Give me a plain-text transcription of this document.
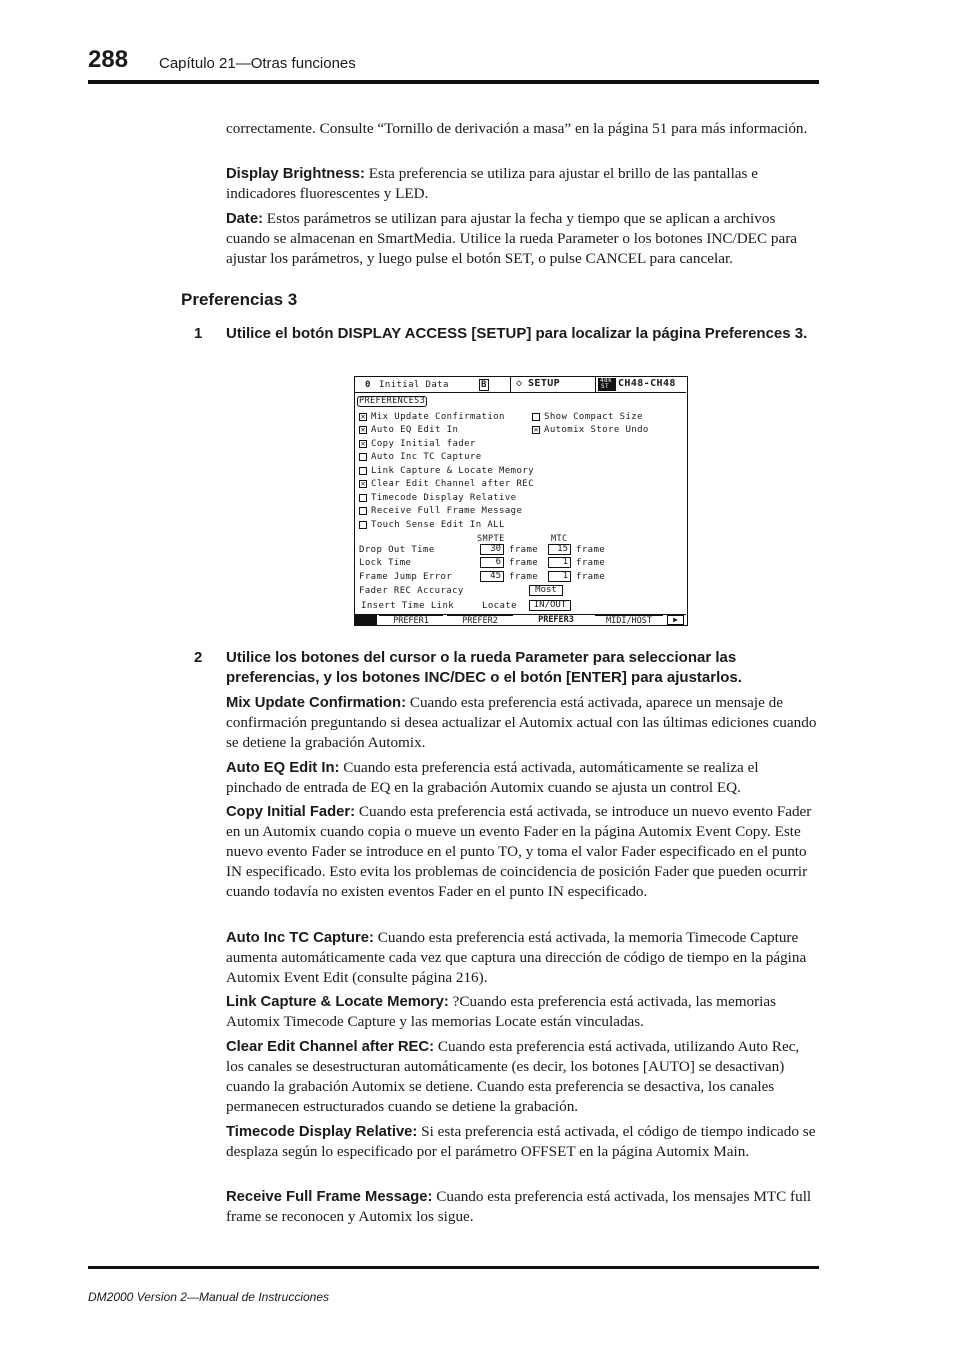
288 Capítulo 21—Otras funciones

correctamente. Consulte “Tornillo de derivación a masa” en la página 51 para más información.

Display Brightness: Esta preferencia se utiliza para ajustar el brillo de las pantallas e indicadores fluorescentes y LED.

Date: Estos parámetros se utilizan para ajustar la fecha y tiempo que se aplican a archivos cuando se almacenan en SmartMedia. Utilice la rueda Parameter o los botones INC/DEC para ajustar los parámetros, y luego pulse el botón SET, o pulse CANCEL para cancelar.

Preferencias 3
1 Utilice el botón DISPLAY ACCESS [SETUP] para localizar la página Preferences 3.

0 Initial Data	B	◇ SETUP	48k
ST CH48-CH48
PREFERENCES3
✕ Mix Update Confirmation
✕ Auto EQ Edit In
✕ Copy Initial fader
Auto Inc TC Capture
Link Capture & Locate Memory
✕ Clear Edit Channel after REC
Timecode Display Relative
Receive Full Frame Message
Touch Sense Edit In ALL
Show Compact Size
✕ Automix Store Undo
SMPTE	MTC
Drop Out Time	30 frame	15 frame
Lock Time	6 frame	1 frame
Frame Jump Error	45 frame	1 frame
Fader REC Accuracy	Most
Insert Time Link	Locate	IN/OUT
PREFER1	PREFER2	PREFER3	MIDI/HOST	▶
2 Utilice los botones del cursor o la rueda Parameter para seleccionar las preferencias, y los botones INC/DEC o el botón [ENTER] para ajustarlos.

Mix Update Confirmation: Cuando esta preferencia está activada, aparece un mensaje de confirmación preguntando si desea actualizar el Automix actual con las últimas ediciones cuando se detiene la grabación Automix.

Auto EQ Edit In: Cuando esta preferencia está activada, automáticamente se realiza el pinchado de entrada de EQ en la grabación Automix cuando se ajusta un control EQ.

Copy Initial Fader: Cuando esta preferencia está activada, se introduce un nuevo evento Fader en un Automix cuando copia o mueve un evento Fader en la página Automix Event Copy. Este nuevo evento Fader se introduce en el punto TO, y toma el valor Fader especificado en el punto IN especificado. Esto evita los problemas de coincidencia de posición Fader que pueden ocurrir cuando todavía no existen eventos Fader en el punto IN especificado.

Auto Inc TC Capture: Cuando esta preferencia está activada, la memoria Timecode Capture aumenta automáticamente cada vez que captura una dirección de código de tiempo en la página Automix Event Edit (consulte página 216).

Link Capture & Locate Memory: ?Cuando esta preferencia está activada, las memorias Automix Timecode Capture y las memorias Locate están vinculadas.

Clear Edit Channel after REC: Cuando esta preferencia está activada, utilizando Auto Rec, los canales se desestructuran automáticamente (es decir, los botones [AUTO] se desactivan) cuando la grabación Automix se detiene. Cuando esta preferencia se desactiva, los canales permanecen estructurados cuando se detiene la grabación.

Timecode Display Relative: Si esta preferencia está activada, el código de tiempo indicado se desplaza según lo especificado por el parámetro OFFSET en la página Automix Main.

Receive Full Frame Message: Cuando esta preferencia está activada, los mensajes MTC full frame se reconocen y Automix los sigue.

DM2000 Version 2—Manual de Instrucciones
